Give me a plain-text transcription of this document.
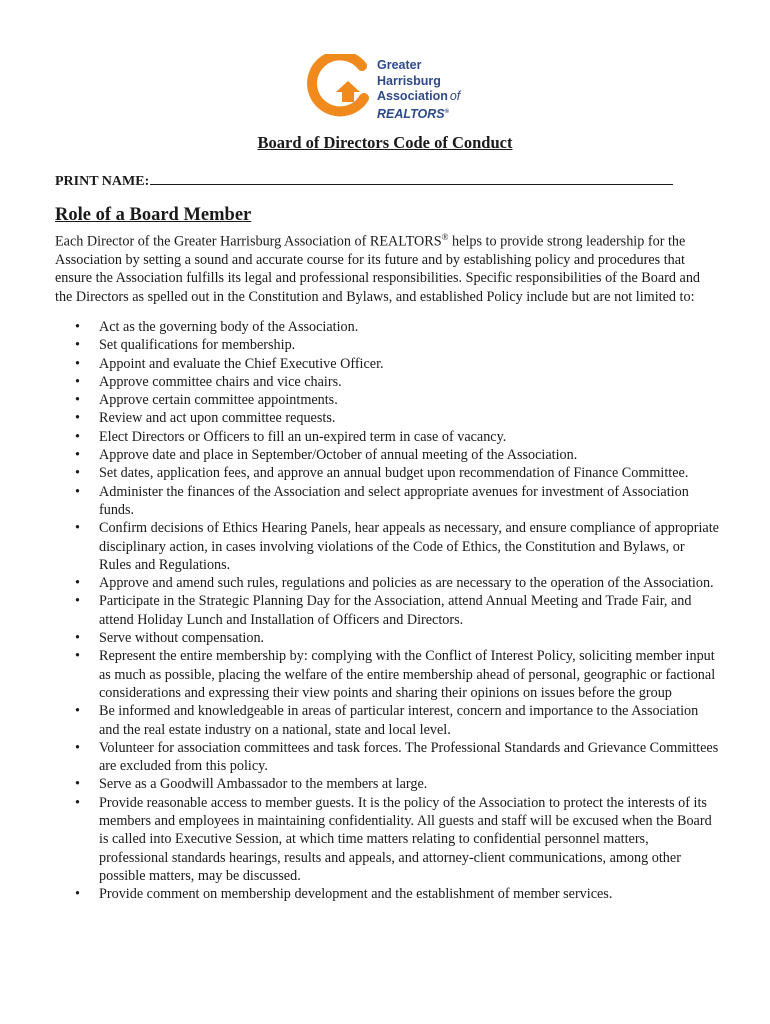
Greater
Harrisburg
Association of
REALTORS®
Board of Directors Code of Conduct
PRINT NAME:
Role of a Board Member

Each Director of the Greater Harrisburg Association of REALTORS® helps to provide strong leadership for the Association by setting a sound and accurate course for its future and by establishing policy and procedures that ensure the Association fulfills its legal and professional responsibilities. Specific responsibilities of the Board and the Directors as spelled out in the Constitution and Bylaws, and established Policy include but are not limited to:

• Act as the governing body of the Association.
• Set qualifications for membership.
• Appoint and evaluate the Chief Executive Officer.
• Approve committee chairs and vice chairs.
• Approve certain committee appointments.
• Review and act upon committee requests.
• Elect Directors or Officers to fill an un-expired term in case of vacancy.
• Approve date and place in September/October of annual meeting of the Association.
• Set dates, application fees, and approve an annual budget upon recommendation of Finance Committee.
• Administer the finances of the Association and select appropriate avenues for investment of Association funds.
• Confirm decisions of Ethics Hearing Panels, hear appeals as necessary, and ensure compliance of appropriate disciplinary action, in cases involving violations of the Code of Ethics, the Constitution and Bylaws, or Rules and Regulations.
• Approve and amend such rules, regulations and policies as are necessary to the operation of the Association.
• Participate in the Strategic Planning Day for the Association, attend Annual Meeting and Trade Fair, and attend Holiday Lunch and Installation of Officers and Directors.
• Serve without compensation.
• Represent the entire membership by: complying with the Conflict of Interest Policy, soliciting member input as much as possible, placing the welfare of the entire membership ahead of personal, geographic or factional considerations and expressing their view points and sharing their opinions on issues before the group
• Be informed and knowledgeable in areas of particular interest, concern and importance to the Association and the real estate industry on a national, state and local level.
• Volunteer for association committees and task forces. The Professional Standards and Grievance Committees are excluded from this policy.
• Serve as a Goodwill Ambassador to the members at large.
• Provide reasonable access to member guests. It is the policy of the Association to protect the interests of its members and employees in maintaining confidentiality. All guests and staff will be excused when the Board is called into Executive Session, at which time matters relating to confidential personnel matters, professional standards hearings, results and appeals, and attorney-client communications, among other possible matters, may be discussed.
• Provide comment on membership development and the establishment of member services.
